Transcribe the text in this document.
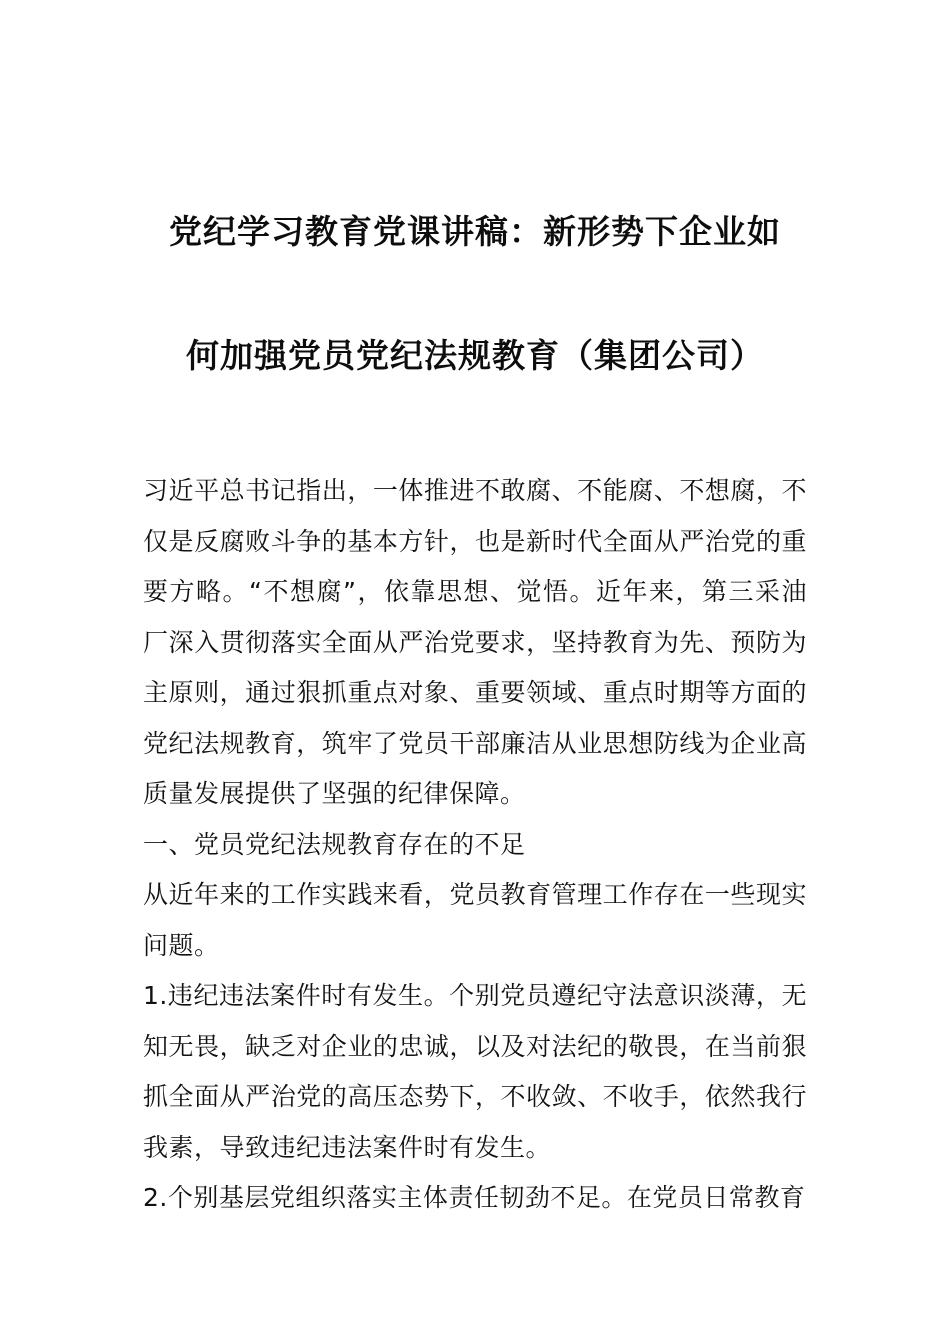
党纪学习教育党课讲稿：新形势下企业如
何加强党员党纪法规教育（集团公司）

习近平总书记指出，一体推进不敢腐、不能腐、不想腐，不仅是反腐败斗争的基本方针，也是新时代全面从严治党的重要方略。“不想腐”，依靠思想、觉悟。近年来，第三采油厂深入贯彻落实全面从严治党要求，坚持教育为先、预防为主原则，通过狠抓重点对象、重要领域、重点时期等方面的党纪法规教育，筑牢了党员干部廉洁从业思想防线为企业高质量发展提供了坚强的纪律保障。

一、党员党纪法规教育存在的不足

从近年来的工作实践来看，党员教育管理工作存在一些现实问题。

1.违纪违法案件时有发生。个别党员遵纪守法意识淡薄，无知无畏，缺乏对企业的忠诚，以及对法纪的敬畏，在当前狠抓全面从严治党的高压态势下，不收敛、不收手，依然我行我素，导致违纪违法案件时有发生。

2.个别基层党组织落实主体责任韧劲不足。在党员日常教育
